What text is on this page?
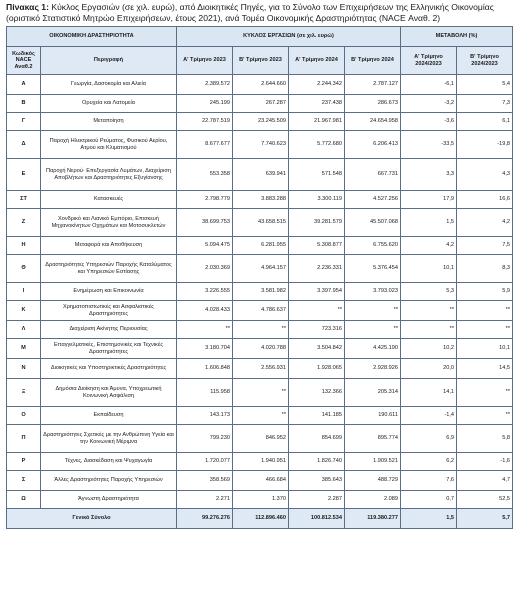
Πίνακας 1: Κύκλος Εργασιών (σε χιλ. ευρώ), από Διοικητικές Πηγές, για το Σύνολο των Επιχειρήσεων της Ελληνικής Οικονομίας (οριστικό Στατιστικό Μητρώο Επιχειρήσεων, έτους 2021), ανά Τομέα Οικονομικής Δραστηριότητας (NACE Αναθ. 2)
ΟΙΚΟΝΟΜΙΚΗ ΔΡΑΣΤΗΡΙΟΤΗΤΑ		ΚΥΚΛΟΣ ΕΡΓΑΣΙΩΝ (σε χιλ. ευρώ)				ΜΕΤΑΒΟΛΗ (%)	
Κωδικός NACE Αναθ.2	Περιγραφή	Α' Τρίμηνο 2023	Β' Τρίμηνο 2023	Α' Τρίμηνο 2024	Β' Τρίμηνο 2024	Α' Τρίμηνο 2024/2023	Β' Τρίμηνο 2024/2023
Α	Γεωργία, Δασοκομία και Αλιεία	2.389.572	2.644.660	2.244.342	2.787.127	-6,1	5,4
Β	Ορυχεία και Λατομεία	245.199	267.287	237.438	286.673	-3,2	7,3
Γ	Μεταποίηση	22.787.519	23.245.509	21.967.981	24.654.958	-3,6	6,1
Δ	Παροχή Ηλεκτρικού Ρεύματος, Φυσικού Αερίου, Ατμού και Κλιματισμού	8.677.677	7.740.623	5.772.680	6.206.413	-33,5	-19,8
Ε	Παροχή Νερού· Επεξεργασία Λυμάτων, Διαχείριση Αποβλήτων και Δραστηριότητες Εξυγίανσης	553.358	639.941	571.548	667.731	3,3	4,3
ΣΤ	Κατασκευές	2.798.779	3.883.288	3.300.119	4.527.256	17,9	16,6
Ζ	Χονδρικό και Λιανικό Εμπόριο, Επισκευή Μηχανοκίνητων Οχημάτων και Μοτοσυκλετών	38.699.753	43.658.515	39.281.579	45.507.068	1,5	4,2
Η	Μεταφορά και Αποθήκευση	5.094.475	6.281.955	5.308.877	6.755.620	4,2	7,5
Θ	Δραστηριότητες Υπηρεσιών Παροχής Καταλύματος και Υπηρεσιών Εστίασης	2.030.369	4.964.157	2.236.331	5.376.454	10,1	8,3
Ι	Ενημέρωση και Επικοινωνία	3.226.555	3.581.982	3.397.954	3.793.023	5,3	5,9
Κ	Χρηματοπιστωτικές και Ασφαλιστικές Δραστηριότητες	4.028.433	4.786.637	**	**	**	**
Λ	Διαχείριση Ακίνητης Περιουσίας	**	**	723.316	**	**	**
Μ	Επαγγελματικές, Επιστημονικές και Τεχνικές Δραστηριότητες	3.180.704	4.020.788	3.504.842	4.425.190	10,2	10,1
Ν	Διοικητικές και Υποστηρικτικές Δραστηριότητες	1.606.848	2.556.931	1.928.065	2.928.926	20,0	14,5
Ξ	Δημόσια Διοίκηση και Άμυνα, Υποχρεωτική Κοινωνική Ασφάλιση	115.958	**	132.366	205.314	14,1	**
Ο	Εκπαίδευση	143.173	**	141.185	190.611	-1,4	**
Π	Δραστηριότητες Σχετικές με την Ανθρώπινη Υγεία και την Κοινωνική Μέριμνα	799.230	846.952	854.699	895.774	6,9	5,8
Ρ	Τέχνες, Διασκέδαση και Ψυχαγωγία	1.720.077	1.940.951	1.826.740	1.909.521	6,2	-1,6
Σ	Άλλες Δραστηριότητες Παροχής Υπηρεσιών	358.569	466.684	385.643	488.729	7,6	4,7
Ω	Άγνωστη Δραστηριότητα	2.271	1.370	2.287	2.089	0,7	52,5
Γενικό Σύνολο		99.276.276	112.896.460	100.812.534	119.380.277	1,5	5,7
